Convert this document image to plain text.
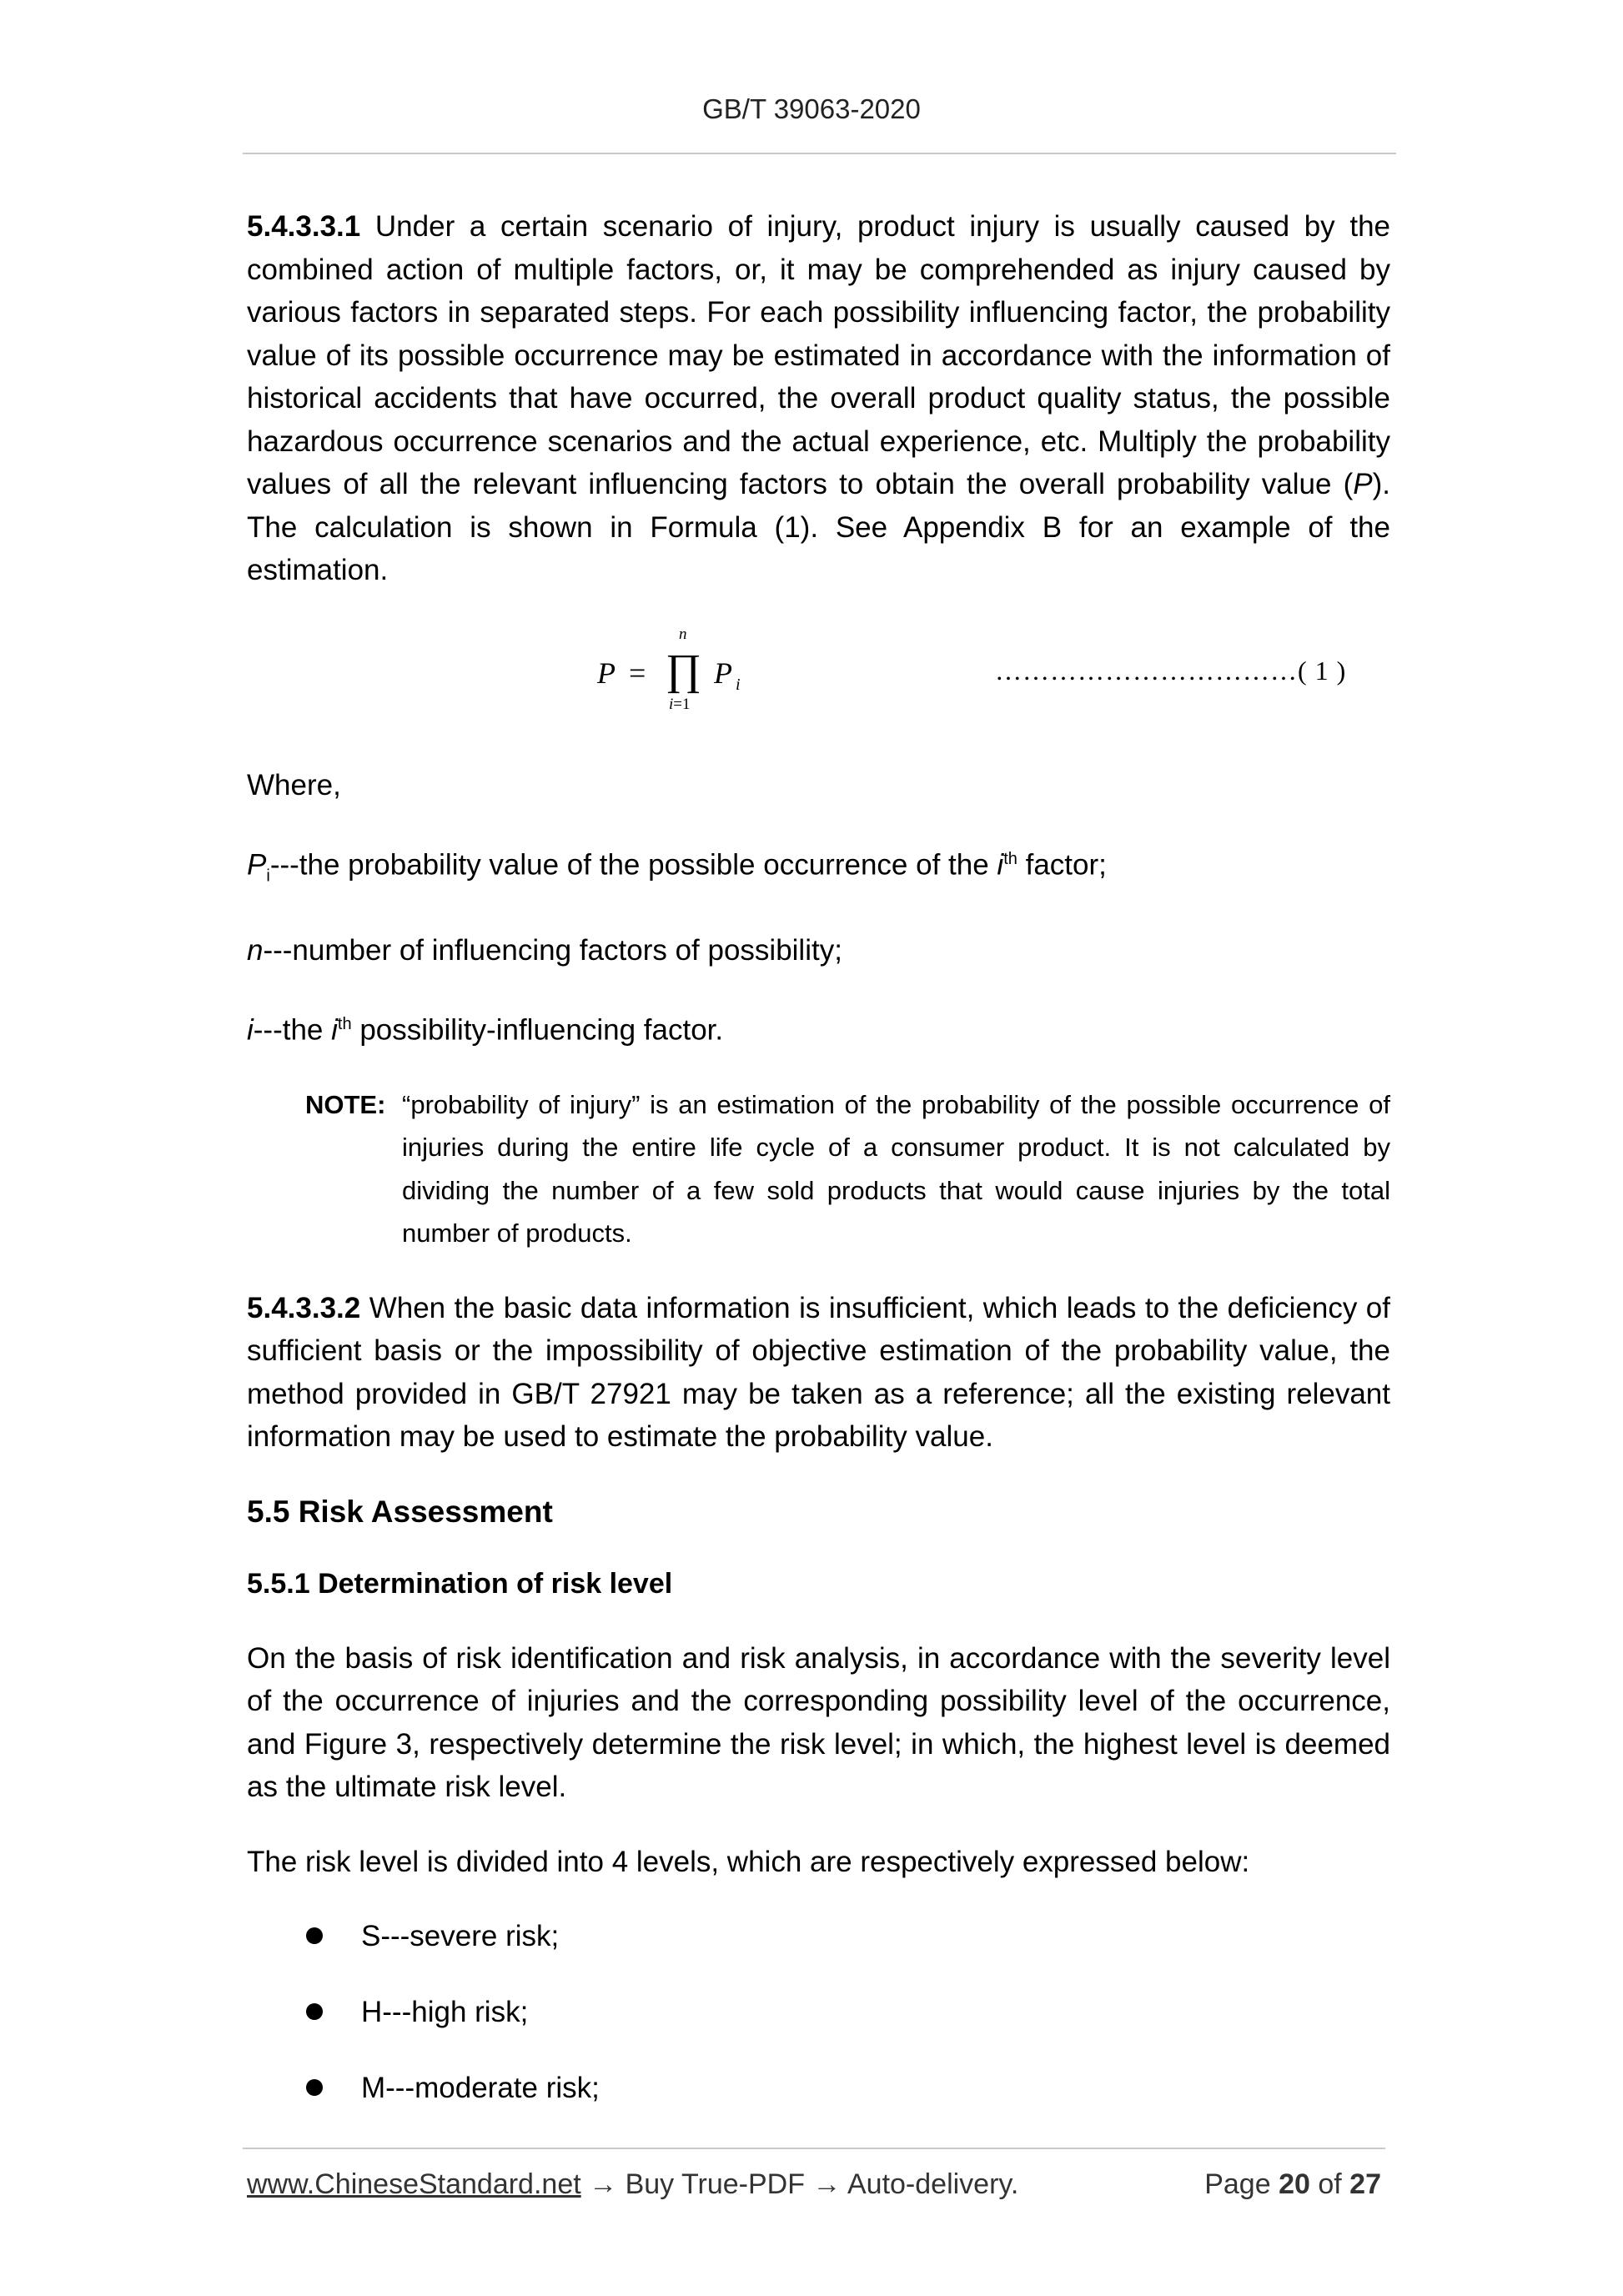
GB/T 39063-2020

5.4.3.3.1 Under a certain scenario of injury, product injury is usually caused by the combined action of multiple factors, or, it may be comprehended as injury caused by various factors in separated steps. For each possibility influencing factor, the probability value of its possible occurrence may be estimated in accordance with the information of historical accidents that have occurred, the overall product quality status, the possible hazardous occurrence scenarios and the actual experience, etc. Multiply the probability values of all the relevant influencing factors to obtain the overall probability value (P). The calculation is shown in Formula (1). See Appendix B for an example of the estimation.

P =
n
∏
i=1
P $_i$	……………………………( 1 )

Where,

$P_i--$-the probability value of the possible occurrence of the $i^{th}$ factor;

n---number of influencing factors of possibility;

i---the $i^{th}$ possibility-influencing factor.

NOTE: “probability of injury” is an estimation of the probability of the possible occurrence of injuries during the entire life cycle of a consumer product. It is not calculated by dividing the number of a few sold products that would cause injuries by the total number of products.

5.4.3.3.2 When the basic data information is insufficient, which leads to the deficiency of sufficient basis or the impossibility of objective estimation of the probability value, the method provided in GB/T 27921 may be taken as a reference; all the existing relevant information may be used to estimate the probability value.

5.5 Risk Assessment
5.5.1 Determination of risk level

On the basis of risk identification and risk analysis, in accordance with the severity level of the occurrence of injuries and the corresponding possibility level of the occurrence, and Figure 3, respectively determine the risk level; in which, the highest level is deemed as the ultimate risk level.

The risk level is divided into 4 levels, which are respectively expressed below:

S---severe risk;
H---high risk;
M---moderate risk;
www.ChineseStandard.net → Buy True-PDF → Auto-delivery.	Page 20 of 27
